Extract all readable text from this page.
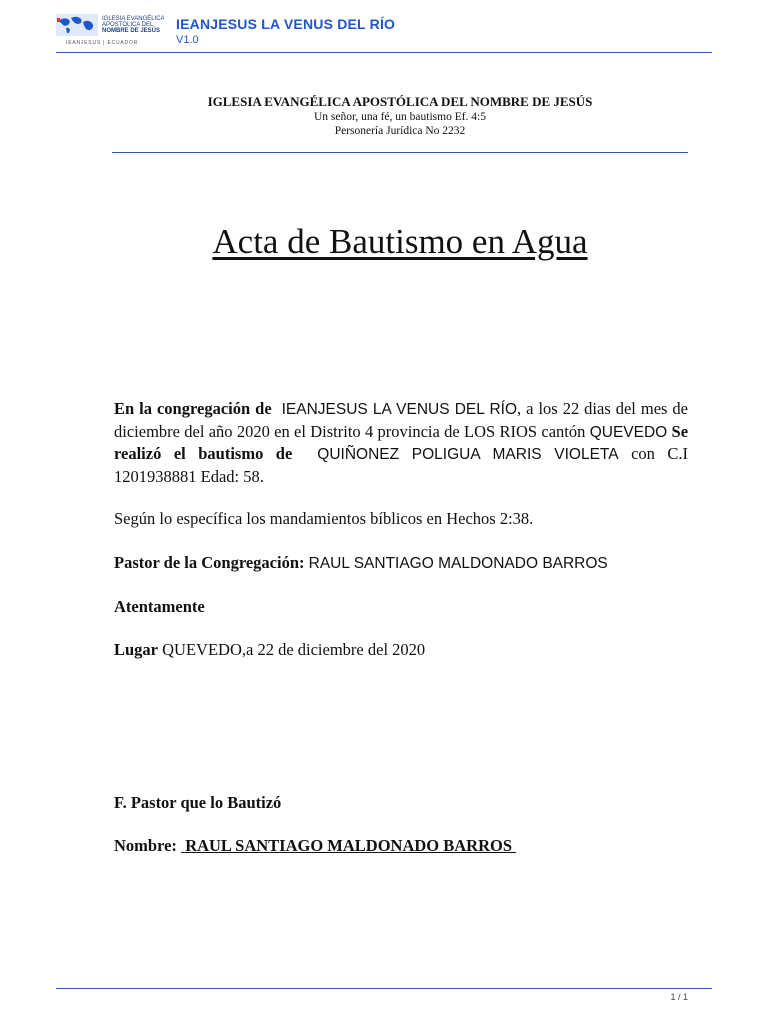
IGLESIA EVANGÉLICA
APOSTÓLICA DEL
NOMBRE DE JESÚS
IEANJESUS | ECUADOR
IEANJESUS LA VENUS DEL RÍO
V1.0
IGLESIA EVANGÉLICA APOSTÓLICA DEL NOMBRE DE JESÚS
Un señor, una fé, un bautismo Ef. 4:5
Personería Jurídica No 2232
Acta de Bautismo en Agua
En la congregación de IEANJESUS LA VENUS DEL RÍO, a los 22 dias del mes de diciembre del año 2020 en el Distrito 4 provincia de LOS RIOS cantón QUEVEDO Se realizó el bautismo de QUIÑONEZ POLIGUA MARIS VIOLETA con C.I 1201938881 Edad: 58.
Según lo específica los mandamientos bíblicos en Hechos 2:38.
Pastor de la Congregación: RAUL SANTIAGO MALDONADO BARROS
Atentamente
Lugar QUEVEDO,a 22 de diciembre del 2020
F. Pastor que lo Bautizó
Nombre: RAUL SANTIAGO MALDONADO BARROS
1 / 1
